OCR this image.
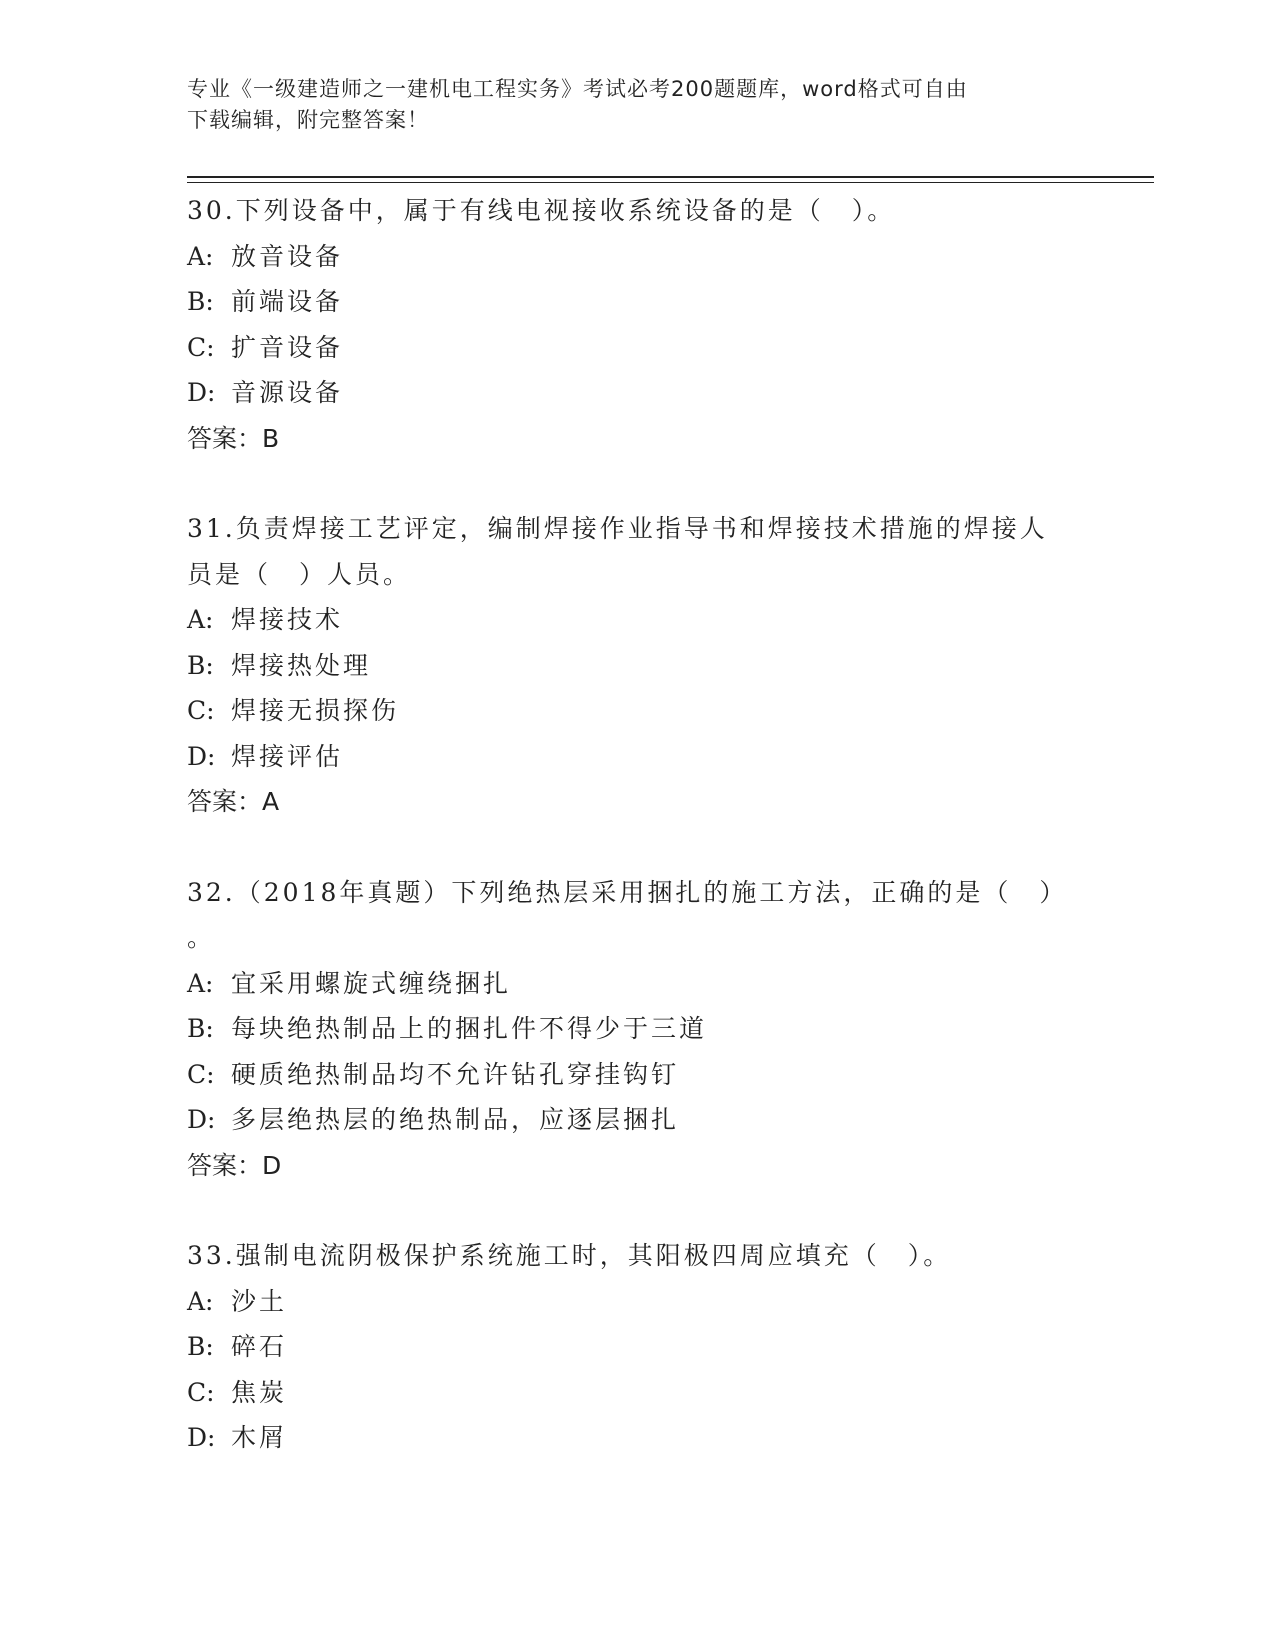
专业《一级建造师之一建机电工程实务》考试必考200题题库，word格式可自由
下载编辑，附完整答案！

30.下列设备中，属于有线电视接收系统设备的是（　）。

A: 放音设备

B: 前端设备

C: 扩音设备

D: 音源设备

答案：B

31.负责焊接工艺评定，编制焊接作业指导书和焊接技术措施的焊接人

员是（　）人员。

A: 焊接技术

B: 焊接热处理

C: 焊接无损探伤

D: 焊接评估

答案：A

32.（2018年真题）下列绝热层采用捆扎的施工方法，正确的是（　）

。

A: 宜采用螺旋式缠绕捆扎

B: 每块绝热制品上的捆扎件不得少于三道

C: 硬质绝热制品均不允许钻孔穿挂钩钉

D: 多层绝热层的绝热制品，应逐层捆扎

答案：D

33.强制电流阴极保护系统施工时，其阳极四周应填充（　）。

A: 沙土

B: 碎石

C: 焦炭

D: 木屑
